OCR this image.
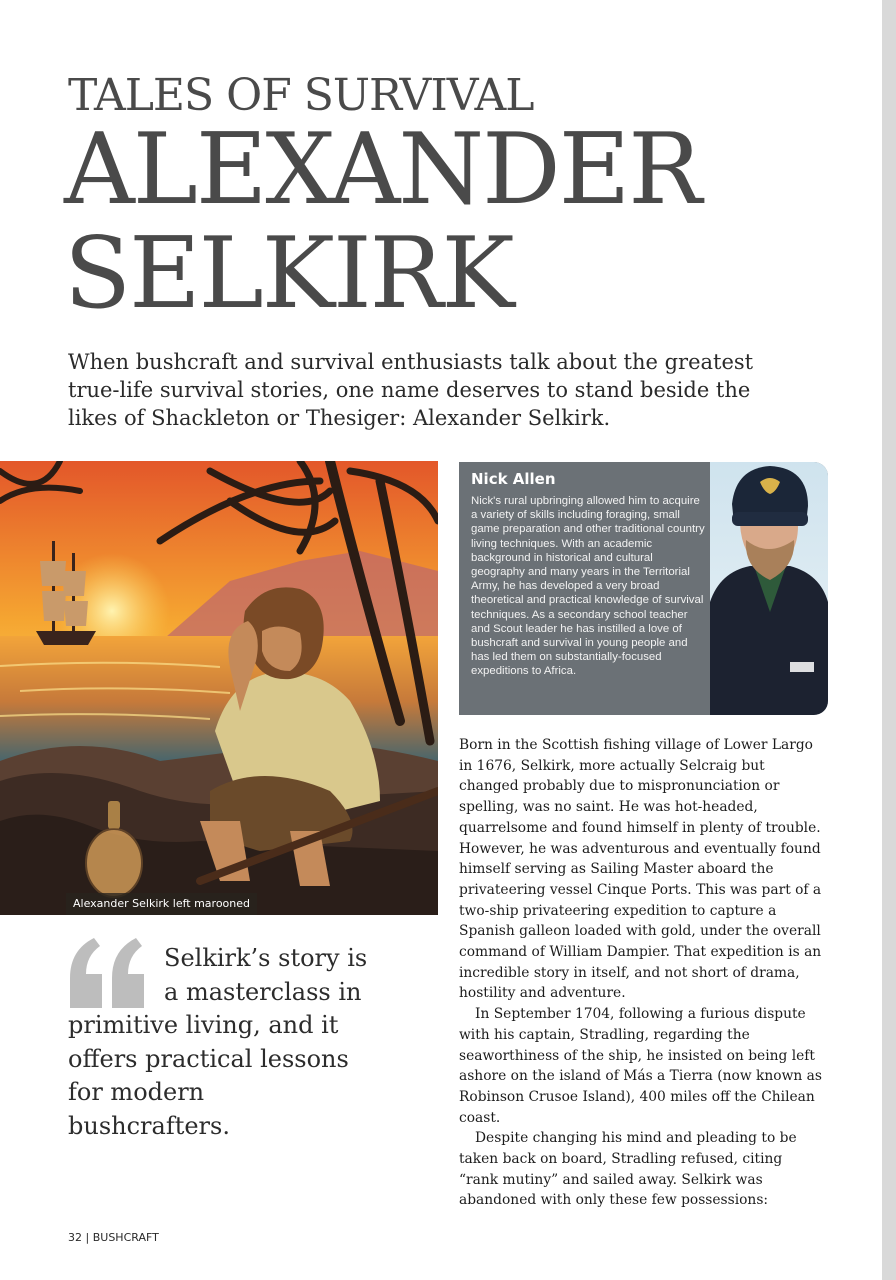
TALES OF SURVIVAL
ALEXANDER
SELKIRK

When bushcraft and survival enthusiasts talk about the greatest true-life survival stories, one name deserves to stand beside the likes of Shackleton or Thesiger: Alexander Selkirk.

Alexander Selkirk left marooned
Nick Allen

Nick's rural upbringing allowed him to acquire a variety of skills including foraging, small game preparation and other traditional country living techniques. With an academic background in historical and cultural geography and many years in the Territorial Army, he has developed a very broad theoretical and practical knowledge of survival techniques. As a secondary school teacher and Scout leader he has instilled a love of bushcraft and survival in young people and has led them on substantially-focused expeditions to Africa.

Selkirk’s story is a masterclass in primitive living, and it offers practical lessons for modern bushcrafters.

Born in the Scottish fishing village of Lower Largo in 1676, Selkirk, more actually Selcraig but changed probably due to mispronunciation or spelling, was no saint. He was hot-headed, quarrelsome and found himself in plenty of trouble. However, he was adventurous and eventually found himself serving as Sailing Master aboard the privateering vessel Cinque Ports. This was part of a two-ship privateering expedition to capture a Spanish galleon loaded with gold, under the overall command of William Dampier. That expedition is an incredible story in itself, and not short of drama, hostility and adventure.

In September 1704, following a furious dispute with his captain, Stradling, regarding the seaworthiness of the ship, he insisted on being left ashore on the island of Más a Tierra (now known as Robinson Crusoe Island), 400 miles off the Chilean coast.

Despite changing his mind and pleading to be taken back on board, Stradling refused, citing “rank mutiny” and sailed away. Selkirk was abandoned with only these few possessions:

32 | BUSHCRAFT
